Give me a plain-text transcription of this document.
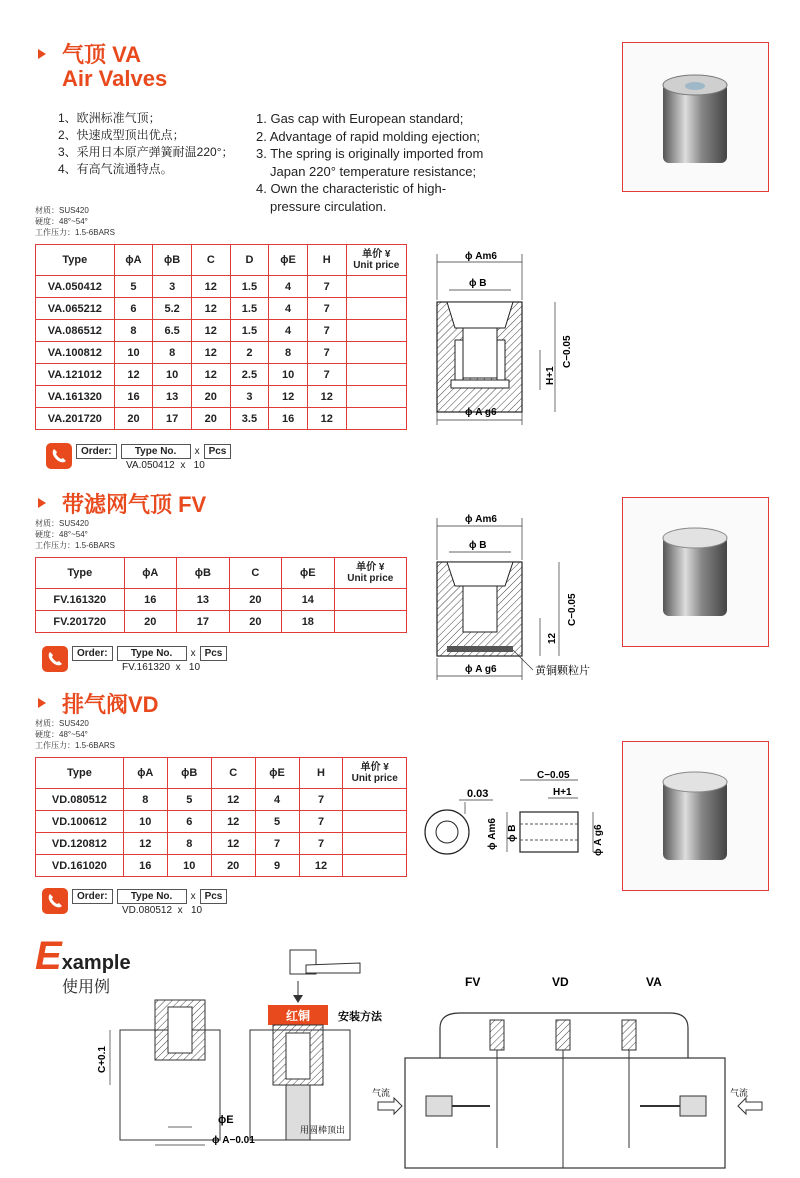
气顶 VA
Air Valves
1、欧洲标准气顶；
2、快速成型顶出优点；
3、采用日本原产弹簧耐温220°；
4、有高气流通特点。
1. Gas cap with European standard;
2. Advantage of rapid molding ejection;
3. The spring is originally imported from
Japan 220° temperature resistance;
4. Own the characteristic of high-
pressure circulation.
材质：SUS420
硬度：48°~54°
工作压力：1.5-6BARS
Type	ϕA	ϕB	C	D	ϕE	H	单价 ¥
Unit price

VA.050412	5	3	12	1.5	4	7	
VA.065212	6	5.2	12	1.5	4	7	
VA.086512	8	6.5	12	1.5	4	7	
VA.100812	10	8	12	2	8	7	
VA.121012	12	10	12	2.5	10	7	
VA.161320	16	13	20	3	12	12	
VA.201720	20	17	20	3.5	16	12	
Order:	Type No.	x Pcs
VA.050412 x 10
ϕ Am6
ϕ B
ϕ A g6
C−0.05
H+1
带滤网气顶 FV
材质：SUS420
硬度：48°~54°
工作压力：1.5-6BARS
Type	ϕA	ϕB	C	ϕE	单价 ¥
Unit price

FV.161320	16	13	20	14	
FV.201720	20	17	20	18	
Order:	Type No.	x Pcs
FV.161320 x 10
ϕ Am6
ϕ B
ϕ A g6
C−0.05
12
黄铜颗粒片
排气阀VD
材质：SUS420
硬度：48°~54°
工作压力：1.5-6BARS
Type	ϕA	ϕB	C	ϕE	H	单价 ¥
Unit price

VD.080512	8	5	12	4	7	
VD.100612	10	6	12	5	7	
VD.120812	12	8	12	7	7	
VD.161020	16	10	20	9	12	
Order:	Type No.	x Pcs
VD.080512 x 10
0.03
C−0.05
H+1
ϕ Am6 ϕ B	ϕ A g6
Example
使用例
红铜	安装方法
C+0.1
ϕE
ϕ A−0.01
用圆棒顶出
FV	VD	VA
气流	气流
